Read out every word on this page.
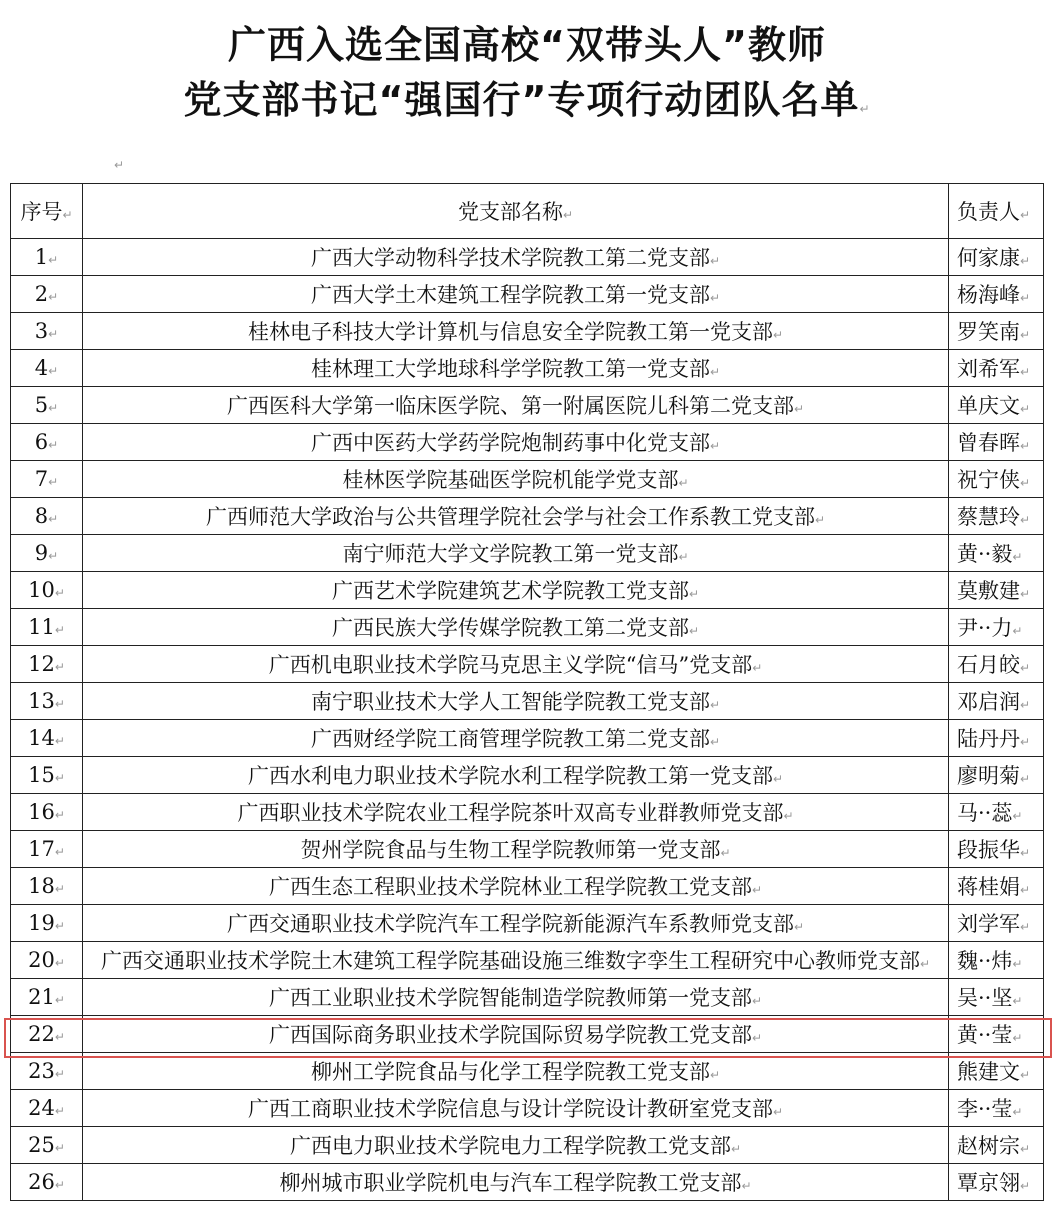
广西入选全国高校“双带头人”教师
党支部书记“强国行”专项行动团队名单↵
↵
序号↵	党支部名称↵	负责人↵
1↵	广西大学动物科学技术学院教工第二党支部↵	何家康↵
2↵	广西大学土木建筑工程学院教工第一党支部↵	杨海峰↵
3↵	桂林电子科技大学计算机与信息安全学院教工第一党支部↵	罗笑南↵
4↵	桂林理工大学地球科学学院教工第一党支部↵	刘希军↵
5↵	广西医科大学第一临床医学院、第一附属医院儿科第二党支部↵	单庆文↵
6↵	广西中医药大学药学院炮制药事中化党支部↵	曾春晖↵
7↵	桂林医学院基础医学院机能学党支部↵	祝宁侠↵
8↵	广西师范大学政治与公共管理学院社会学与社会工作系教工党支部↵	蔡慧玲↵
9↵	南宁师范大学文学院教工第一党支部↵	黄··毅↵
10↵	广西艺术学院建筑艺术学院教工党支部↵	莫敷建↵
11↵	广西民族大学传媒学院教工第二党支部↵	尹··力↵
12↵	广西机电职业技术学院马克思主义学院“信马”党支部↵	石月皎↵
13↵	南宁职业技术大学人工智能学院教工党支部↵	邓启润↵
14↵	广西财经学院工商管理学院教工第二党支部↵	陆丹丹↵
15↵	广西水利电力职业技术学院水利工程学院教工第一党支部↵	廖明菊↵
16↵	广西职业技术学院农业工程学院茶叶双高专业群教师党支部↵	马··蕊↵
17↵	贺州学院食品与生物工程学院教师第一党支部↵	段振华↵
18↵	广西生态工程职业技术学院林业工程学院教工党支部↵	蒋桂娟↵
19↵	广西交通职业技术学院汽车工程学院新能源汽车系教师党支部↵	刘学军↵
20↵	广西交通职业技术学院土木建筑工程学院基础设施三维数字孪生工程研究中心教师党支部↵	魏··炜↵
21↵	广西工业职业技术学院智能制造学院教师第一党支部↵	吴··坚↵
22↵	广西国际商务职业技术学院国际贸易学院教工党支部↵	黄··莹↵
23↵	柳州工学院食品与化学工程学院教工党支部↵	熊建文↵
24↵	广西工商职业技术学院信息与设计学院设计教研室党支部↵	李··莹↵
25↵	广西电力职业技术学院电力工程学院教工党支部↵	赵树宗↵
26↵	柳州城市职业学院机电与汽车工程学院教工党支部↵	覃京翎↵
